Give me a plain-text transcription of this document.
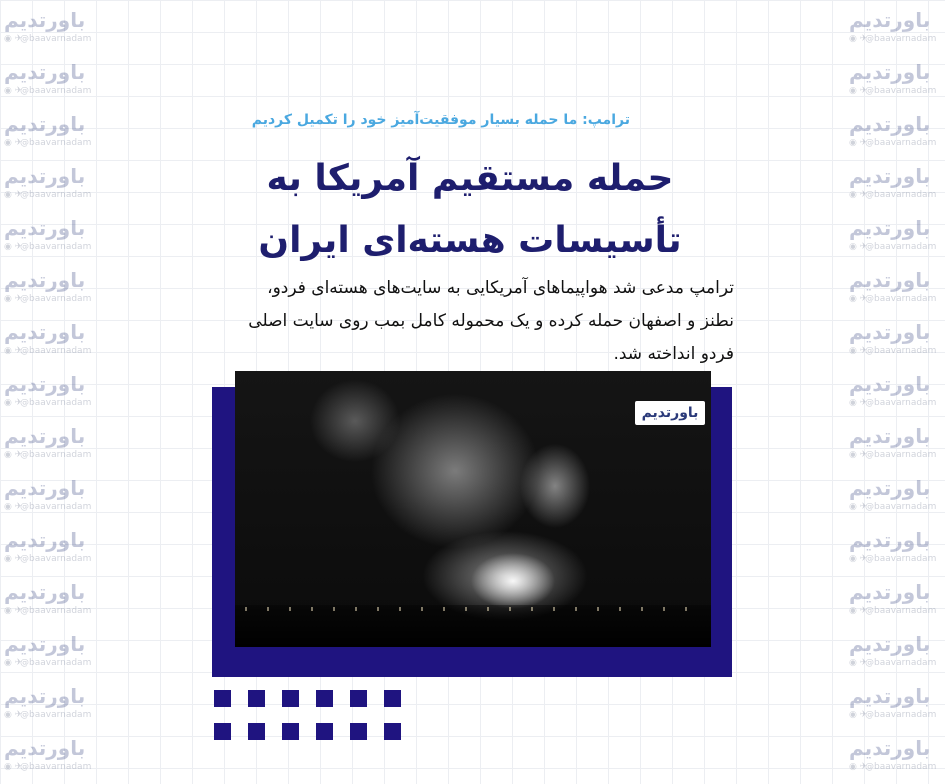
باورتدیم
◉ ✈
@baavarnadam
باورتدیم
◉ ✈
@baavarnadam
باورتدیم
◉ ✈
@baavarnadam
باورتدیم
◉ ✈
@baavarnadam
باورتدیم
◉ ✈
@baavarnadam
باورتدیم
◉ ✈
@baavarnadam
باورتدیم
◉ ✈
@baavarnadam
باورتدیم
◉ ✈
@baavarnadam
باورتدیم
◉ ✈
@baavarnadam
باورتدیم
◉ ✈
@baavarnadam
باورتدیم
◉ ✈
@baavarnadam
باورتدیم
◉ ✈
@baavarnadam
باورتدیم
◉ ✈
@baavarnadam
باورتدیم
◉ ✈
@baavarnadam
باورتدیم
◉ ✈
@baavarnadam
باورتدیم
◉ ✈
@baavarnadam
باورتدیم
◉ ✈
@baavarnadam
باورتدیم
◉ ✈
@baavarnadam
باورتدیم
◉ ✈
@baavarnadam
باورتدیم
◉ ✈
@baavarnadam
باورتدیم
◉ ✈
@baavarnadam
باورتدیم
◉ ✈
@baavarnadam
باورتدیم
◉ ✈
@baavarnadam
باورتدیم
◉ ✈
@baavarnadam
باورتدیم
◉ ✈
@baavarnadam
باورتدیم
◉ ✈
@baavarnadam
باورتدیم
◉ ✈
@baavarnadam
باورتدیم
◉ ✈
@baavarnadam
باورتدیم
◉ ✈
@baavarnadam
باورتدیم
◉ ✈
@baavarnadam
ترامپ: ما حمله بسیار موفقیت‌آمیز خود را تکمیل کردیم
حمله مستقیم آمریکا به تأسیسات هسته‌ای ایران
ترامپ مدعی شد هواپیماهای آمریکایی به سایت‌های هسته‌ای فردو، نطنز و اصفهان حمله کرده و یک محموله کامل بمب روی سایت اصلی فردو انداخته شد.
باورتدیم
